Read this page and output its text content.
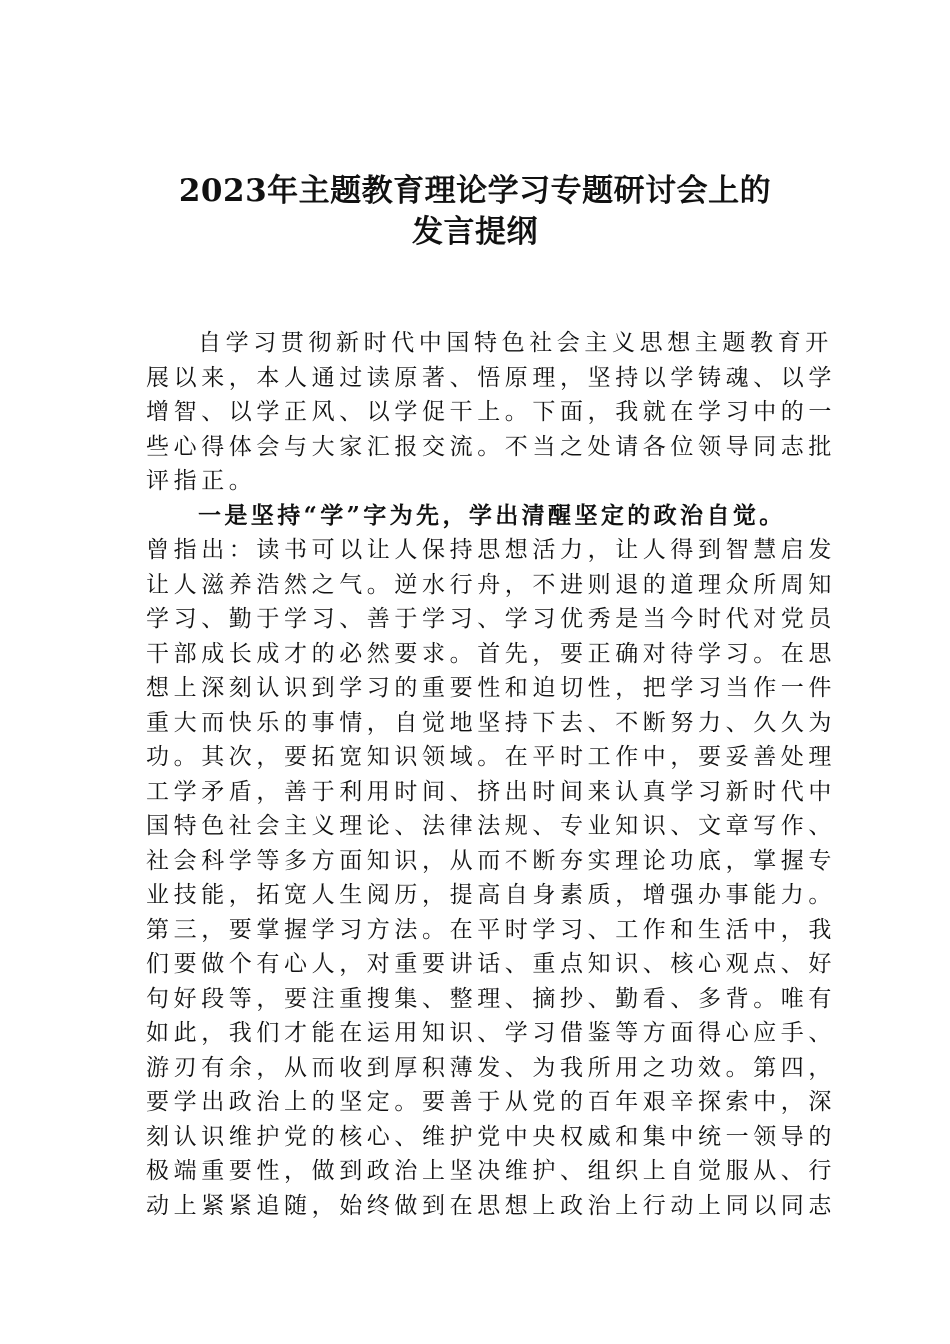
2023年主题教育理论学习专题研讨会上的
发言提纲
自学习贯彻新时代中国特色社会主义思想主题教育开
展以来，本人通过读原著、悟原理，坚持以学铸魂、以学
增智、以学正风、以学促干上。下面，我就在学习中的一
些心得体会与大家汇报交流。不当之处请各位领导同志批
评指正。
一是坚持“学”字为先，学出清醒坚定的政治自觉。
曾指出：读书可以让人保持思想活力，让人得到智慧启发
让人滋养浩然之气。逆水行舟，不进则退的道理众所周知
学习、勤于学习、善于学习、学习优秀是当今时代对党员
干部成长成才的必然要求。首先，要正确对待学习。在思
想上深刻认识到学习的重要性和迫切性，把学习当作一件
重大而快乐的事情，自觉地坚持下去、不断努力、久久为
功。其次，要拓宽知识领域。在平时工作中，要妥善处理
工学矛盾，善于利用时间、挤出时间来认真学习新时代中
国特色社会主义理论、法律法规、专业知识、文章写作、
社会科学等多方面知识，从而不断夯实理论功底，掌握专
业技能，拓宽人生阅历，提高自身素质，增强办事能力。
第三，要掌握学习方法。在平时学习、工作和生活中，我
们要做个有心人，对重要讲话、重点知识、核心观点、好
句好段等，要注重搜集、整理、摘抄、勤看、多背。唯有
如此，我们才能在运用知识、学习借鉴等方面得心应手、
游刃有余，从而收到厚积薄发、为我所用之功效。第四，
要学出政治上的坚定。要善于从党的百年艰辛探索中，深
刻认识维护党的核心、维护党中央权威和集中统一领导的
极端重要性，做到政治上坚决维护、组织上自觉服从、行
动上紧紧追随，始终做到在思想上政治上行动上同以同志
